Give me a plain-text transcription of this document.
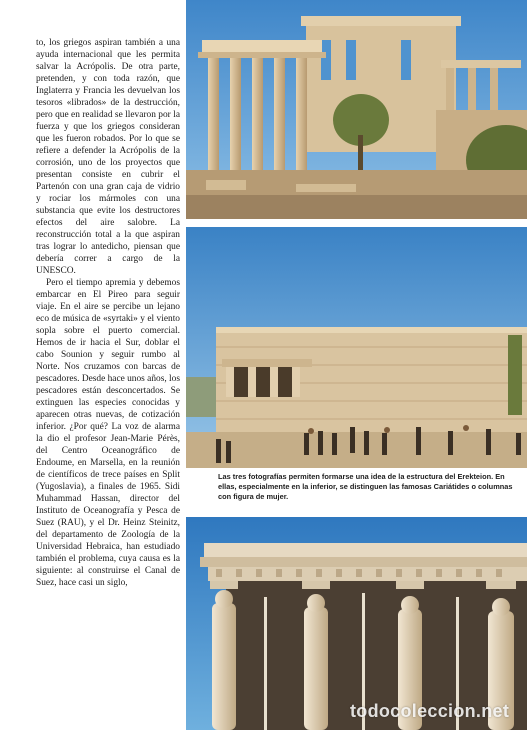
to, los griegos aspiran también a una ayuda internacional que les permita salvar la Acrópolis. De otra parte, pretenden, y con toda razón, que Inglaterra y Francia les devuelvan los tesoros «librados» de la destrucción, pero que en realidad se llevaron por la fuerza y que los griegos consideran que les fueron robados. Por lo que se refiere a defender la Acrópolis de la corrosión, uno de los proyectos que presentan consiste en cubrir el Partenón con una gran caja de vidrio y rociar los mármoles con una substancia que evite los destructores efectos del aire salobre. La reconstrucción total a la que aspiran tras lograr lo antedicho, piensan que debería correr a cargo de la UNESCO.

Pero el tiempo apremia y debemos embarcar en El Pireo para seguir viaje. En el aire se percibe un lejano eco de música de «syrtaki» y el viento sopla sobre el puerto comercial. Hemos de ir hacia el Sur, doblar el cabo Sounion y seguir rumbo al Norte. Nos cruzamos con barcas de pescadores. Desde hace unos años, los pescadores están desconcertados. Se extinguen las especies conocidas y aparecen otras nuevas, de cotización inferior. ¿Por qué? La voz de alarma la dio el profesor Jean-Marie Pérès, del Centro Oceanográfico de Endoume, en Marsella, en la reunión de científicos de trece países en Split (Yugoslavia), a finales de 1965. Sidi Muhammad Hassan, director del Instituto de Oceanografía y Pesca de Suez (RAU), y el Dr. Heinz Steinitz, del departamento de Zoología de la Universidad Hebraica, han estudiado también el problema, cuya causa es la siguiente: al construirse el Canal de Suez, hace casi un siglo,

Las tres fotografías permiten formarse una idea de la estructura del Erekteion. En ellas, especialmente en la inferior, se distinguen las famosas Cariátides o columnas con figura de mujer.
todocoleccion.net
